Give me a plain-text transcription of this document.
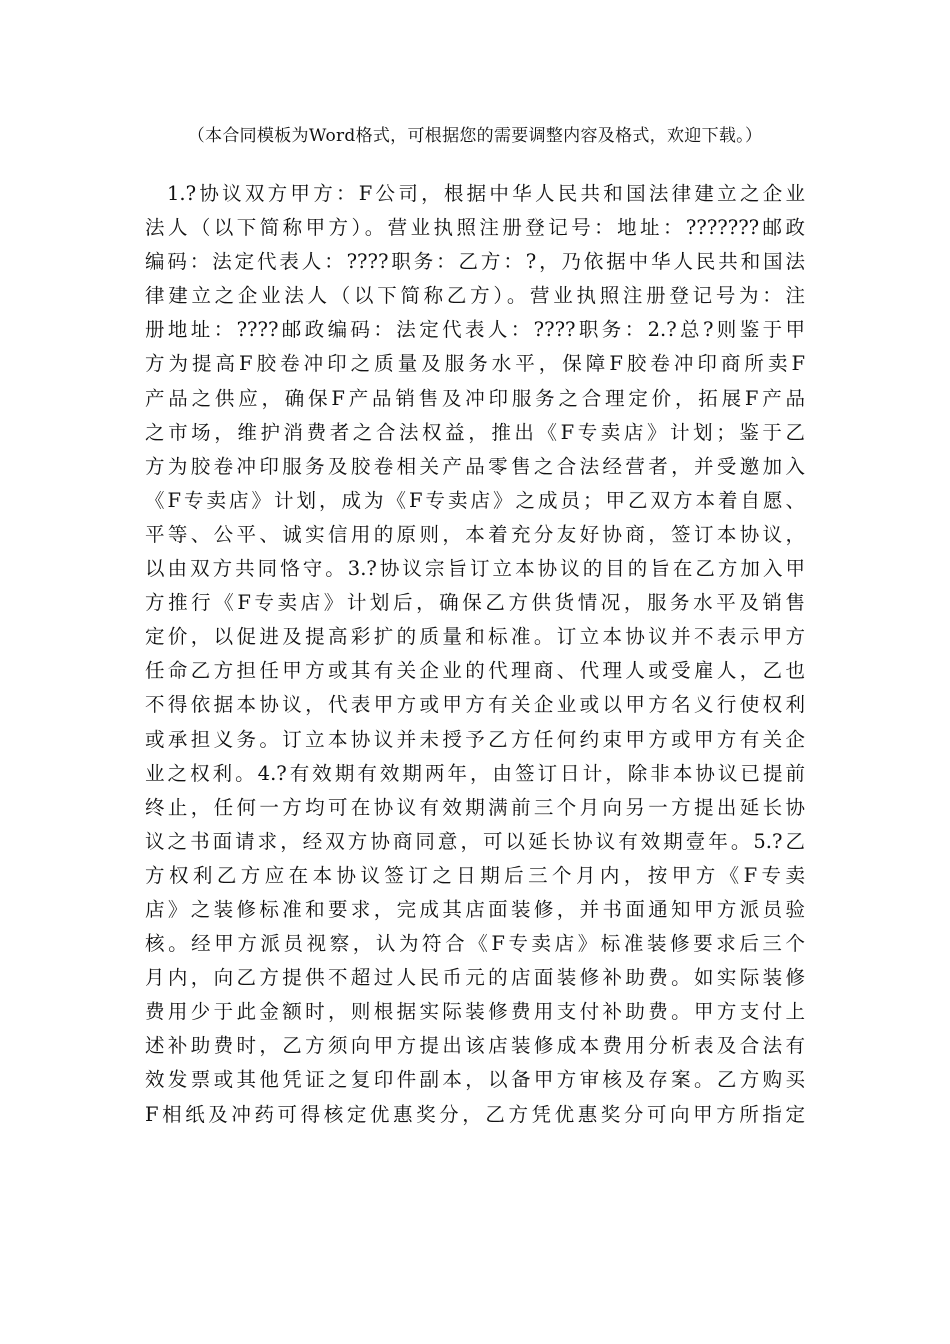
（本合同模板为Word格式，可根据您的需要调整内容及格式，欢迎下载。）
1.?协议双方甲方：F公司，根据中华人民共和国法律建立之企业
法人（以下简称甲方）。营业执照注册登记号：地址：???????邮政
编码：法定代表人：????职务：乙方：?，乃依据中华人民共和国法
律建立之企业法人（以下简称乙方）。营业执照注册登记号为：注
册地址：????邮政编码：法定代表人：????职务：2.?总?则鉴于甲
方为提高F胶卷冲印之质量及服务水平，保障F胶卷冲印商所卖F
产品之供应，确保F产品销售及冲印服务之合理定价，拓展F产品
之市场，维护消费者之合法权益，推出《F专卖店》计划；鉴于乙
方为胶卷冲印服务及胶卷相关产品零售之合法经营者，并受邀加入
《F专卖店》计划，成为《F专卖店》之成员；甲乙双方本着自愿、
平等、公平、诚实信用的原则，本着充分友好协商，签订本协议，
以由双方共同恪守。3.?协议宗旨订立本协议的目的旨在乙方加入甲
方推行《F专卖店》计划后，确保乙方供货情况，服务水平及销售
定价，以促进及提高彩扩的质量和标准。订立本协议并不表示甲方
任命乙方担任甲方或其有关企业的代理商、代理人或受雇人，乙也
不得依据本协议，代表甲方或甲方有关企业或以甲方名义行使权利
或承担义务。订立本协议并未授予乙方任何约束甲方或甲方有关企
业之权利。4.?有效期有效期两年，由签订日计，除非本协议已提前
终止，任何一方均可在协议有效期满前三个月向另一方提出延长协
议之书面请求，经双方协商同意，可以延长协议有效期壹年。5.?乙
方权利乙方应在本协议签订之日期后三个月内，按甲方《F专卖
店》之装修标准和要求，完成其店面装修，并书面通知甲方派员验
核。经甲方派员视察，认为符合《F专卖店》标准装修要求后三个
月内，向乙方提供不超过人民币元的店面装修补助费。如实际装修
费用少于此金额时，则根据实际装修费用支付补助费。甲方支付上
述补助费时，乙方须向甲方提出该店装修成本费用分析表及合法有
效发票或其他凭证之复印件副本，以备甲方审核及存案。乙方购买
F相纸及冲药可得核定优惠奖分，乙方凭优惠奖分可向甲方所指定
